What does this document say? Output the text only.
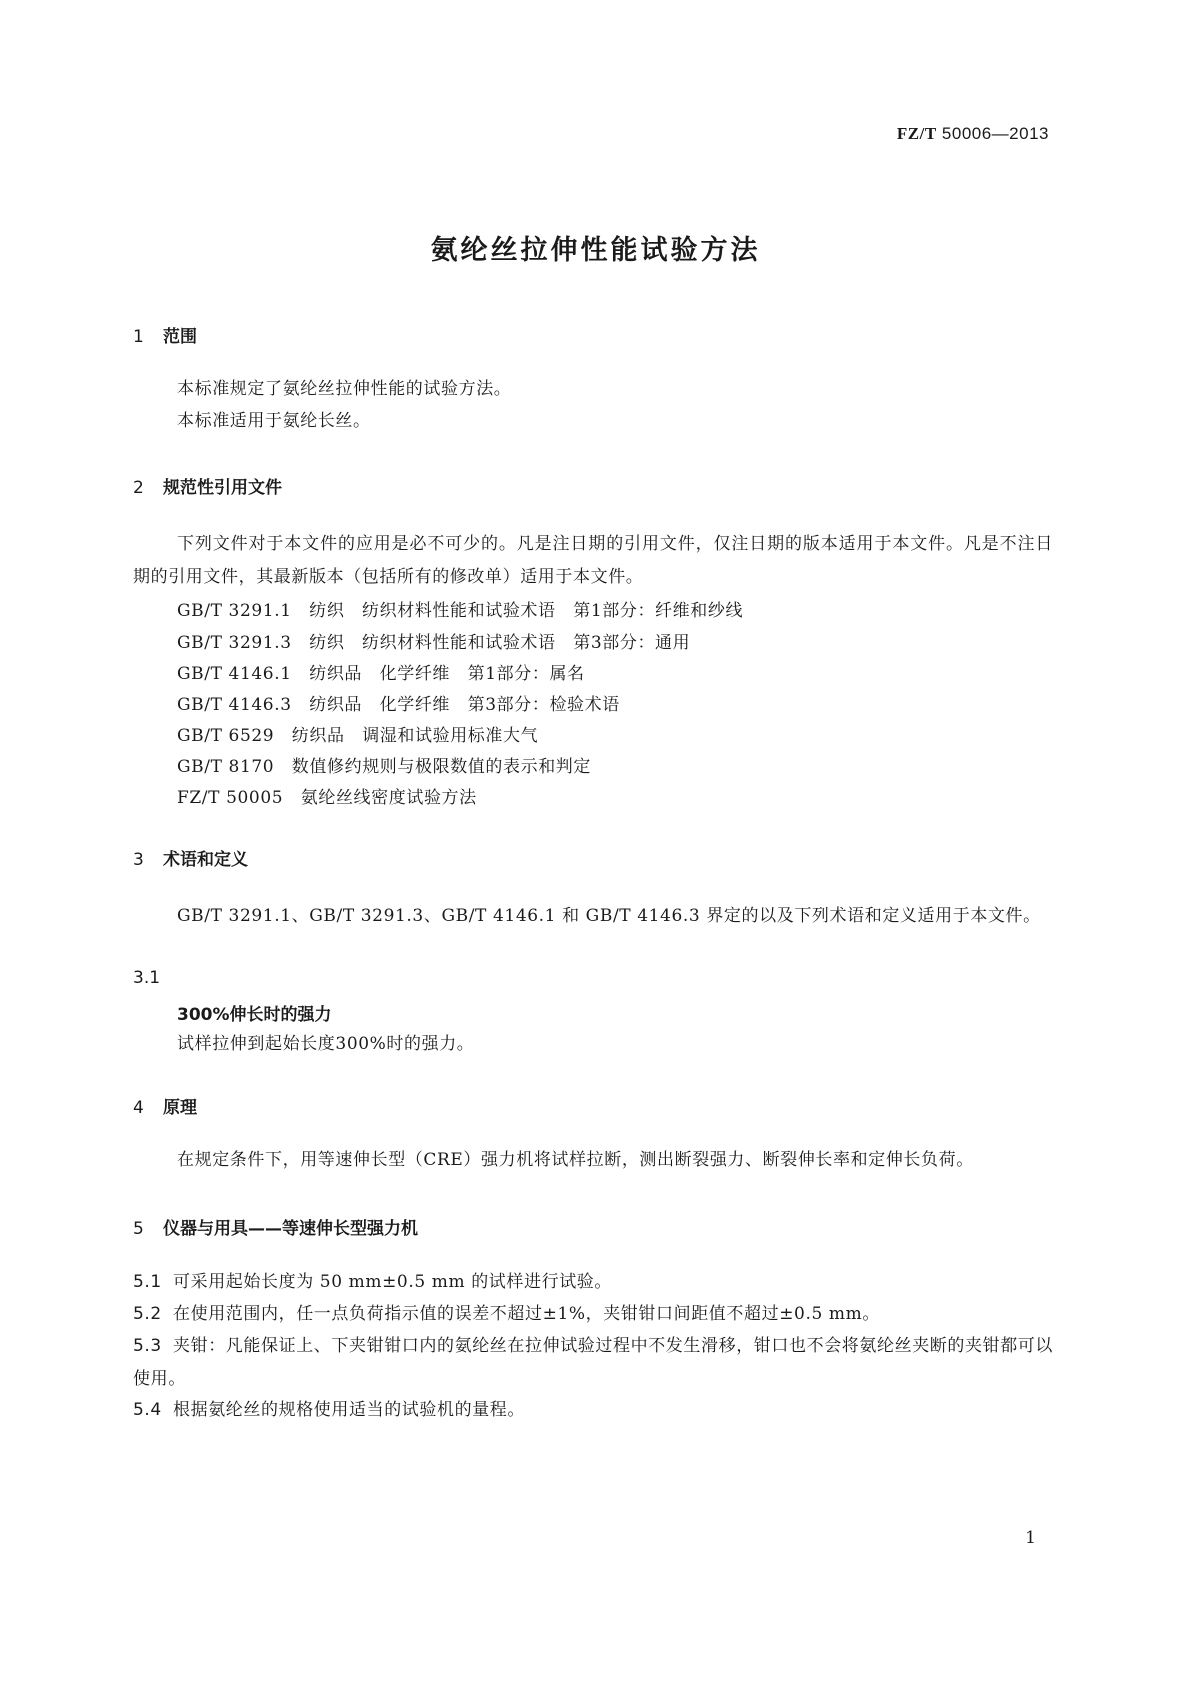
FZ/T 50006—2013
氨纶丝拉伸性能试验方法
1 范围
本标准规定了氨纶丝拉伸性能的试验方法。
本标准适用于氨纶长丝。
2 规范性引用文件
下列文件对于本文件的应用是必不可少的。凡是注日期的引用文件，仅注日期的版本适用于本文件。凡是不注日期的引用文件，其最新版本（包括所有的修改单）适用于本文件。
GB/T 3291.1　纺织　纺织材料性能和试验术语　第1部分：纤维和纱线
GB/T 3291.3　纺织　纺织材料性能和试验术语　第3部分：通用
GB/T 4146.1　纺织品　化学纤维　第1部分：属名
GB/T 4146.3　纺织品　化学纤维　第3部分：检验术语
GB/T 6529　纺织品　调湿和试验用标准大气
GB/T 8170　数值修约规则与极限数值的表示和判定
FZ/T 50005　氨纶丝线密度试验方法
3 术语和定义
GB/T 3291.1、GB/T 3291.3、GB/T 4146.1 和 GB/T 4146.3 界定的以及下列术语和定义适用于本文件。
3.1
300%伸长时的强力
试样拉伸到起始长度300%时的强力。
4 原理
在规定条件下，用等速伸长型（CRE）强力机将试样拉断，测出断裂强力、断裂伸长率和定伸长负荷。
5 仪器与用具——等速伸长型强力机
5.1 可采用起始长度为 50 mm±0.5 mm 的试样进行试验。
5.2 在使用范围内，任一点负荷指示值的误差不超过±1%，夹钳钳口间距值不超过±0.5 mm。
5.3 夹钳：凡能保证上、下夹钳钳口内的氨纶丝在拉伸试验过程中不发生滑移，钳口也不会将氨纶丝夹断的夹钳都可以使用。
5.4 根据氨纶丝的规格使用适当的试验机的量程。
1
